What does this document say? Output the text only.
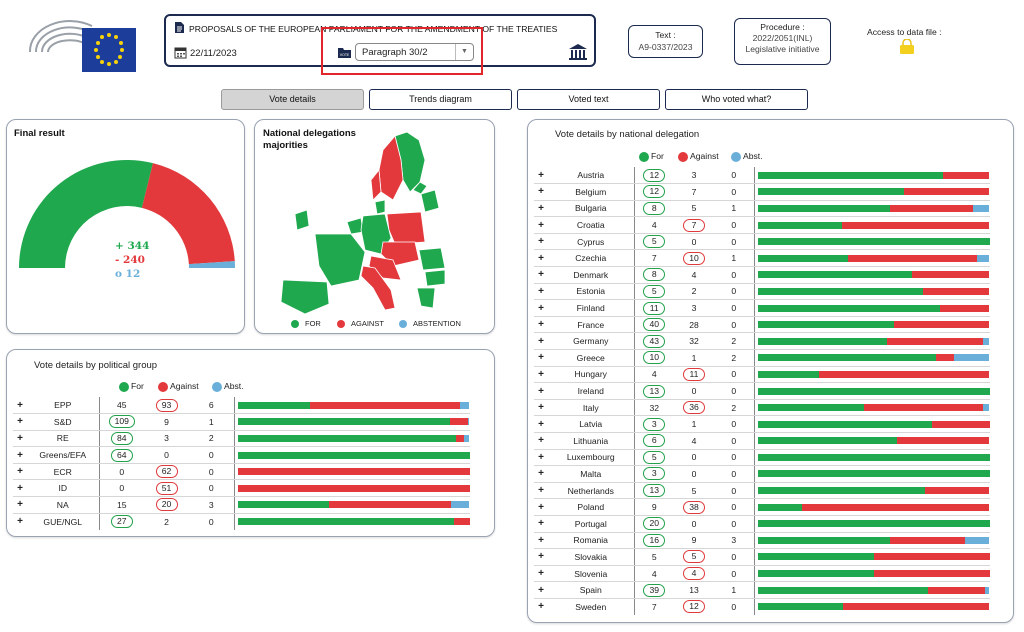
PROPOSALS OF THE EUROPEAN PARLIAMENT FOR THE AMENDMENT OF THE TREATIES
22/11/2023	VOTE Paragraph 30/2	▼
Text :
A9-0337/2023
Procedure :
2022/2051(INL)
Legislative initiative
Access to data file :
Vote details	Trends diagram	Voted text	Who voted what?
Final result
+ 344
- 240
o 12
National delegations majorities
FOR	AGAINST	ABSTENTION
Vote details by political group
For	Against	Abst.
+	EPP	45	93	6	

+	S&D	109	9	1	

+	RE	84	3	2	

+	Greens/EFA	64	0	0	

+	ECR	0	62	0	

+	ID	0	51	0	

+	NA	15	20	3	

+	GUE/NGL	27	2	0	
Vote details by national delegation
For	Against	Abst.
+	Austria	12	3	0	

+	Belgium	12	7	0	

+	Bulgaria	8	5	1	

+	Croatia	4	7	0	

+	Cyprus	5	0	0	

+	Czechia	7	10	1	

+	Denmark	8	4	0	

+	Estonia	5	2	0	

+	Finland	11	3	0	

+	France	40	28	0	

+	Germany	43	32	2	

+	Greece	10	1	2	

+	Hungary	4	11	0	

+	Ireland	13	0	0	

+	Italy	32	36	2	

+	Latvia	3	1	0	

+	Lithuania	6	4	0	

+	Luxembourg	5	0	0	

+	Malta	3	0	0	

+	Netherlands	13	5	0	

+	Poland	9	38	0	

+	Portugal	20	0	0	

+	Romania	16	9	3	

+	Slovakia	5	5	0	

+	Slovenia	4	4	0	

+	Spain	39	13	1	

+	Sweden	7	12	0	
